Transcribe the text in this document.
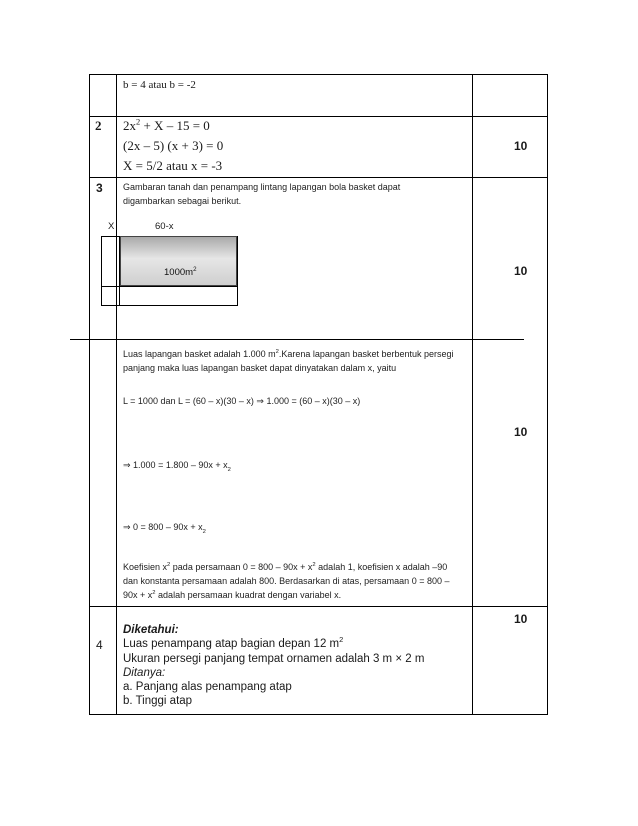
b = 4 atau b = -2
2 $2x^2 + X - 15 = 0$
(2x – 5) (x + 3) = 0
X = 5/2 atau x = -3
10
3 Gambaran tanah dan penampang lintang lapangan bola basket dapat
digambarkan sebagai berikut.
X	60-x
$1000m^2$	10
Luas lapangan basket adalah 1.000 $m^2.Karena$ lapangan basket berbentuk persegi
panjang maka luas lapangan basket dapat dinyatakan dalam x, yaitu
L = 1000 dan L = (60 – x)(30 – x) ⇒ 1.000 = (60 – x)(30 – x)
⇒ $1.000 = 1.800 - 90x + x_2$
⇒ $0 = 800 - 90x + x_2$
Koefisien $x^2$ pada persamaan $0 = 800 - 90x + x^2$ adalah 1, koefisien x adalah –90
dan konstanta persamaan adalah 800. Berdasarkan di atas, persamaan 0 = 800 –
$90x + x^2$ adalah persamaan kuadrat dengan variabel x.
10
4
10
Diketahui:
Luas penampang atap bagian depan 12 $m^2$
Ukuran persegi panjang tempat ornamen adalah 3 m × 2 m
Ditanya:
a. Panjang alas penampang atap
b. Tinggi atap
